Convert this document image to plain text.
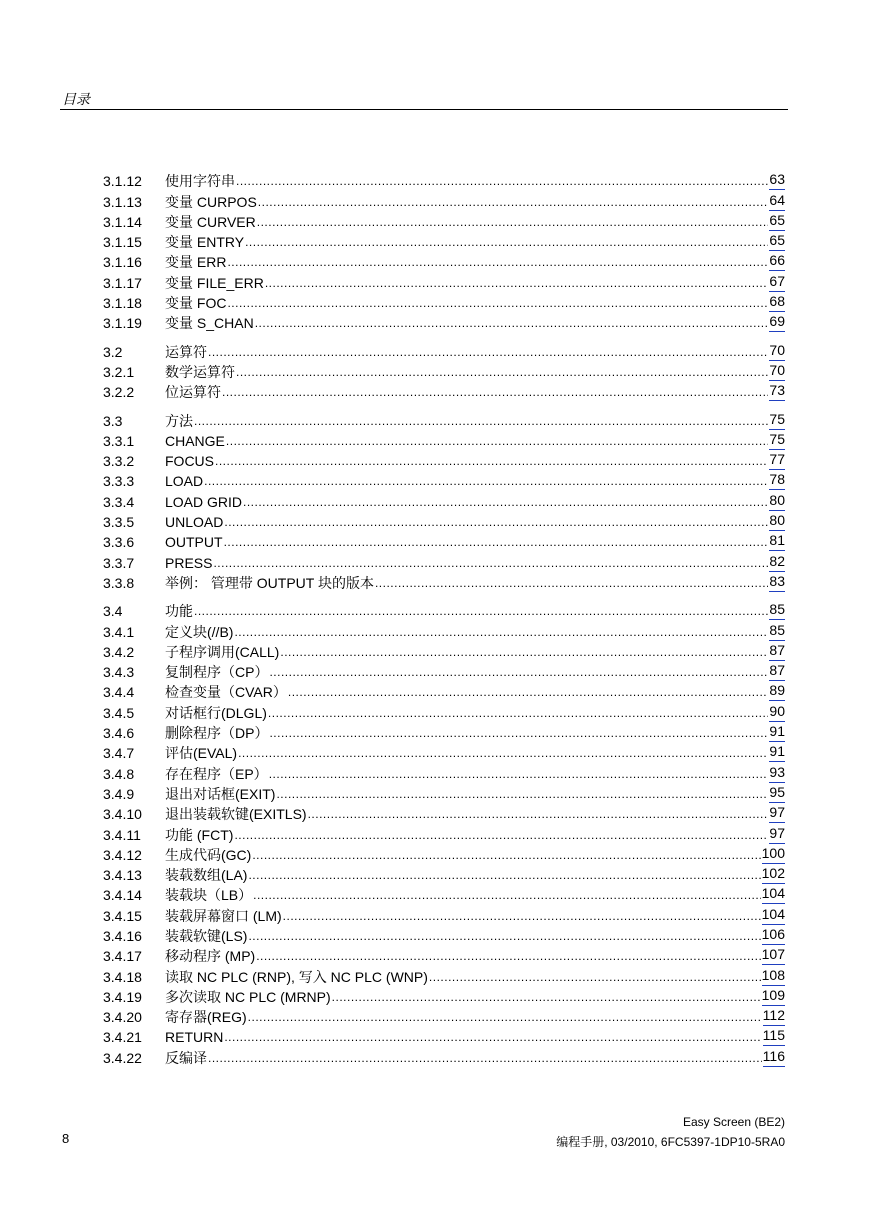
目录
3.1.12	使用字符串 .....	63
3.1.13	变量 CURPOS .....	64
3.1.14	变量 CURVER .....	65
3.1.15	变量 ENTRY .....	65
3.1.16	变量 ERR .....	66
3.1.17	变量 FILE_ERR .....	67
3.1.18	变量 FOC .....	68
3.1.19	变量 S_CHAN .....	69
3.2	运算符 .....	70
3.2.1	数学运算符 .....	70
3.2.2	位运算符 .....	73
3.3	方法 .....	75
3.3.1	CHANGE .....	75
3.3.2	FOCUS .....	77
3.3.3	LOAD .....	78
3.3.4	LOAD GRID .....	80
3.3.5	UNLOAD .....	80
3.3.6	OUTPUT .....	81
3.3.7	PRESS .....	82
3.3.8	举例： 管理带 OUTPUT 块的版本 .....	83
3.4	功能 .....	85
3.4.1	定义块(//B) .....	85
3.4.2	子程序调用(CALL) .....	87
3.4.3	复制程序（CP） .....	87
3.4.4	检查变量（CVAR） .....	89
3.4.5	对话框行(DLGL) .....	90
3.4.6	删除程序（DP） .....	91
3.4.7	评估(EVAL) .....	91
3.4.8	存在程序（EP） .....	93
3.4.9	退出对话框(EXIT) .....	95
3.4.10	退出装载软键(EXITLS) .....	97
3.4.11	功能 (FCT) .....	97
3.4.12	生成代码(GC) .....	100
3.4.13	装载数组(LA) .....	102
3.4.14	装载块（LB） .....	104
3.4.15	装载屏幕窗口 (LM) .....	104
3.4.16	装载软键(LS) .....	106
3.4.17	移动程序 (MP) .....	107
3.4.18	读取 NC PLC (RNP), 写入 NC PLC (WNP) .....	108
3.4.19	多次读取 NC PLC (MRNP) .....	109
3.4.20	寄存器(REG) .....	112
3.4.21	RETURN .....	115
3.4.22	反编译 .....	116
8
Easy Screen (BE2)
编程手册, 03/2010, 6FC5397-1DP10-5RA0
